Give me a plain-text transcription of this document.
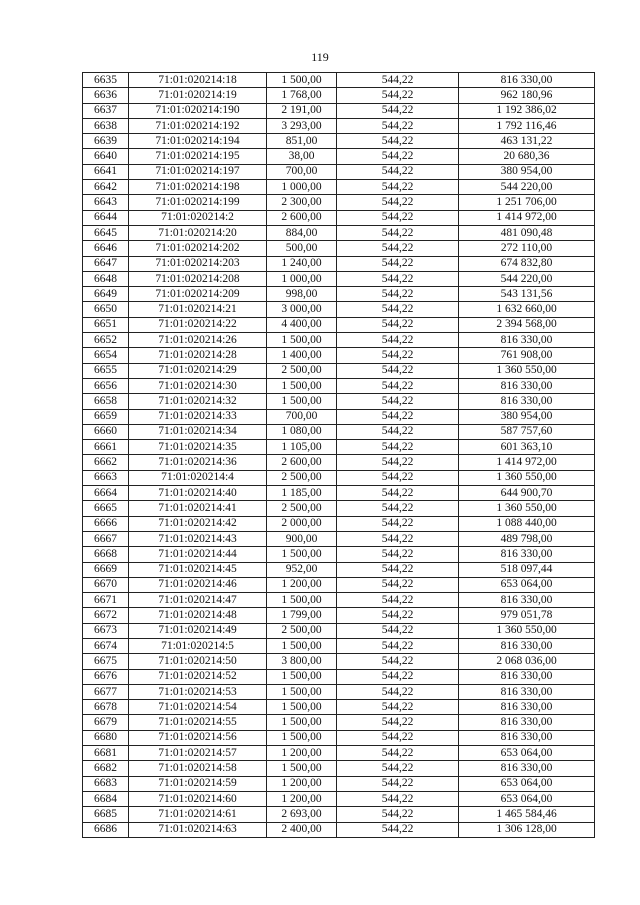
119
6635	71:01:020214:18	1 500,00	544,22	816 330,00
6636	71:01:020214:19	1 768,00	544,22	962 180,96
6637	71:01:020214:190	2 191,00	544,22	1 192 386,02
6638	71:01:020214:192	3 293,00	544,22	1 792 116,46
6639	71:01:020214:194	851,00	544,22	463 131,22
6640	71:01:020214:195	38,00	544,22	20 680,36
6641	71:01:020214:197	700,00	544,22	380 954,00
6642	71:01:020214:198	1 000,00	544,22	544 220,00
6643	71:01:020214:199	2 300,00	544,22	1 251 706,00
6644	71:01:020214:2	2 600,00	544,22	1 414 972,00
6645	71:01:020214:20	884,00	544,22	481 090,48
6646	71:01:020214:202	500,00	544,22	272 110,00
6647	71:01:020214:203	1 240,00	544,22	674 832,80
6648	71:01:020214:208	1 000,00	544,22	544 220,00
6649	71:01:020214:209	998,00	544,22	543 131,56
6650	71:01:020214:21	3 000,00	544,22	1 632 660,00
6651	71:01:020214:22	4 400,00	544,22	2 394 568,00
6652	71:01:020214:26	1 500,00	544,22	816 330,00
6654	71:01:020214:28	1 400,00	544,22	761 908,00
6655	71:01:020214:29	2 500,00	544,22	1 360 550,00
6656	71:01:020214:30	1 500,00	544,22	816 330,00
6658	71:01:020214:32	1 500,00	544,22	816 330,00
6659	71:01:020214:33	700,00	544,22	380 954,00
6660	71:01:020214:34	1 080,00	544,22	587 757,60
6661	71:01:020214:35	1 105,00	544,22	601 363,10
6662	71:01:020214:36	2 600,00	544,22	1 414 972,00
6663	71:01:020214:4	2 500,00	544,22	1 360 550,00
6664	71:01:020214:40	1 185,00	544,22	644 900,70
6665	71:01:020214:41	2 500,00	544,22	1 360 550,00
6666	71:01:020214:42	2 000,00	544,22	1 088 440,00
6667	71:01:020214:43	900,00	544,22	489 798,00
6668	71:01:020214:44	1 500,00	544,22	816 330,00
6669	71:01:020214:45	952,00	544,22	518 097,44
6670	71:01:020214:46	1 200,00	544,22	653 064,00
6671	71:01:020214:47	1 500,00	544,22	816 330,00
6672	71:01:020214:48	1 799,00	544,22	979 051,78
6673	71:01:020214:49	2 500,00	544,22	1 360 550,00
6674	71:01:020214:5	1 500,00	544,22	816 330,00
6675	71:01:020214:50	3 800,00	544,22	2 068 036,00
6676	71:01:020214:52	1 500,00	544,22	816 330,00
6677	71:01:020214:53	1 500,00	544,22	816 330,00
6678	71:01:020214:54	1 500,00	544,22	816 330,00
6679	71:01:020214:55	1 500,00	544,22	816 330,00
6680	71:01:020214:56	1 500,00	544,22	816 330,00
6681	71:01:020214:57	1 200,00	544,22	653 064,00
6682	71:01:020214:58	1 500,00	544,22	816 330,00
6683	71:01:020214:59	1 200,00	544,22	653 064,00
6684	71:01:020214:60	1 200,00	544,22	653 064,00
6685	71:01:020214:61	2 693,00	544,22	1 465 584,46
6686	71:01:020214:63	2 400,00	544,22	1 306 128,00
